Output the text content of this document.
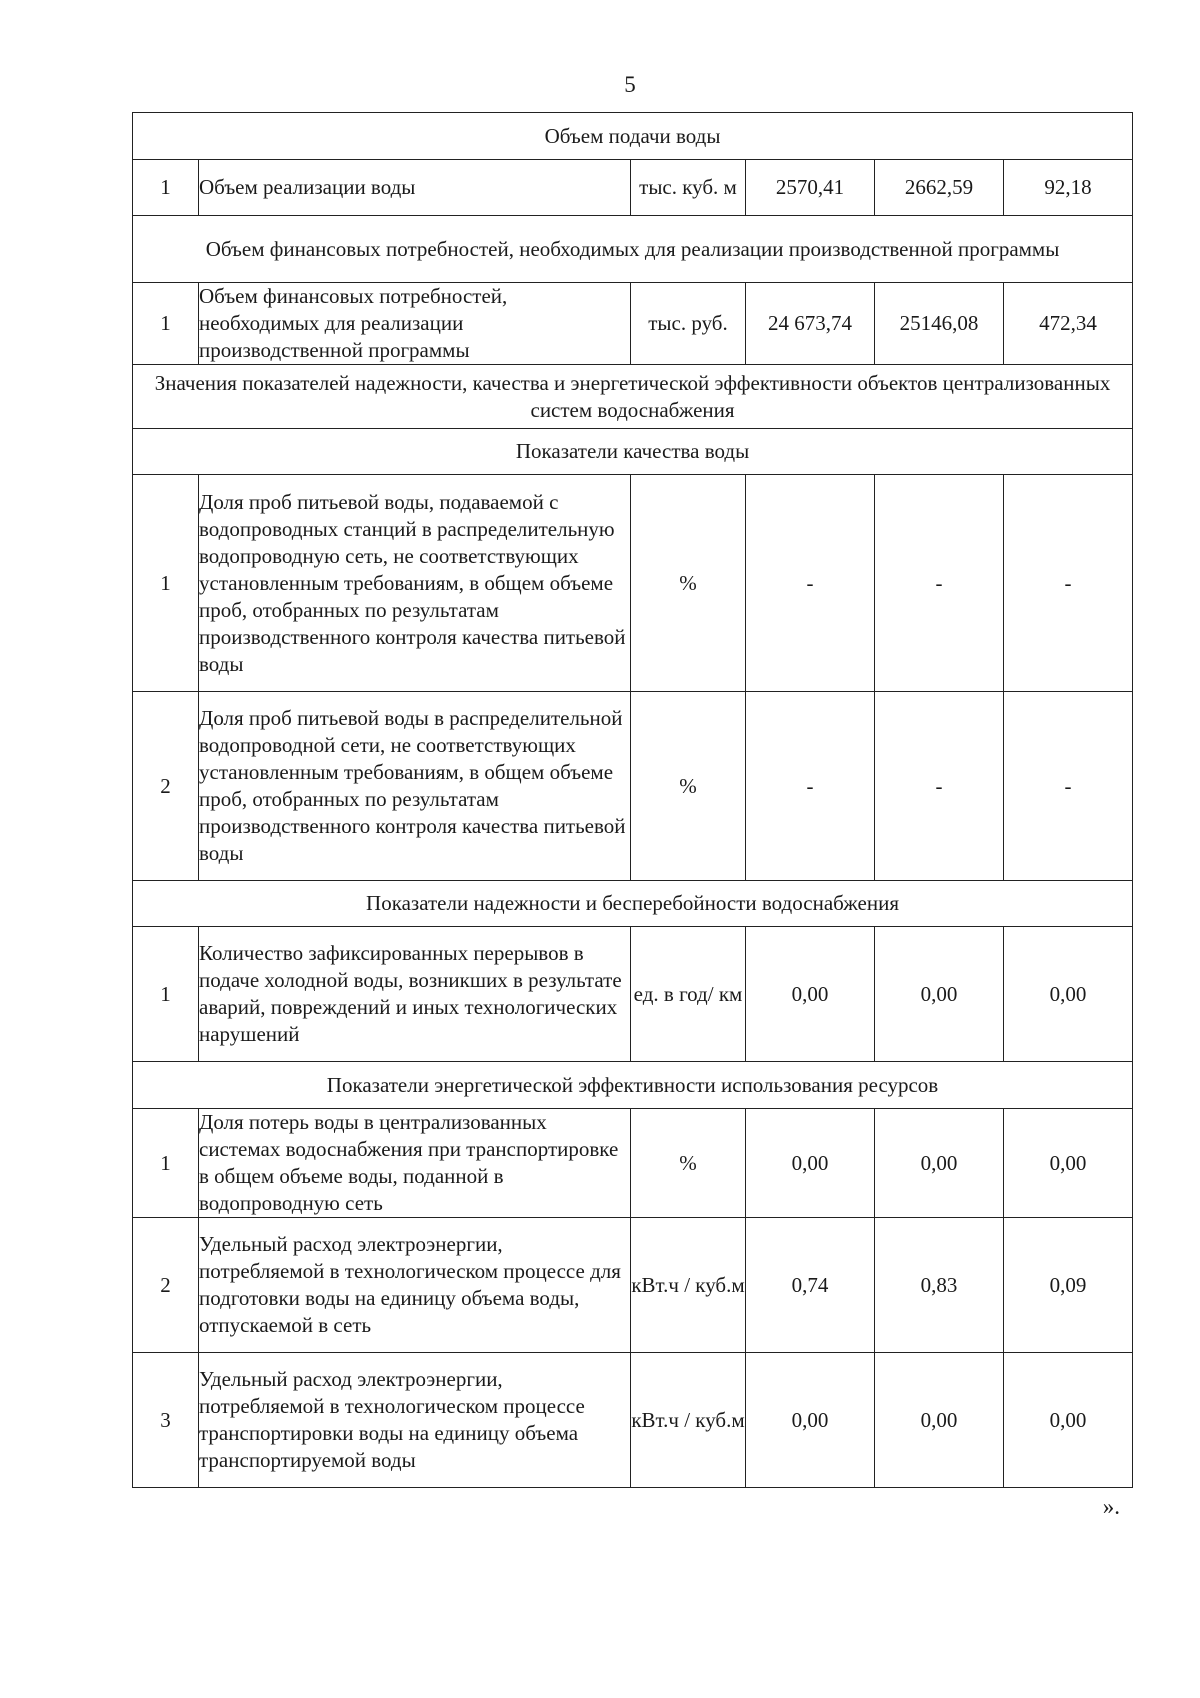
5
Объем подачи воды					
1	Объем реализации воды	тыс. куб. м	2570,41	2662,59	92,18
Объем финансовых потребностей, необходимых для реализации производственной программы					
1	Объем финансовых потребностей, необходимых для реализации производственной программы	тыс. руб.	24 673,74	25146,08	472,34
Значения показателей надежности, качества и энергетической эффективности объектов централизованных систем водоснабжения					
Показатели качества воды					
1	Доля проб питьевой воды, подаваемой с водопроводных станций в распределительную водопроводную сеть, не соответствующих установленным требованиям, в общем объеме проб, отобранных по результатам производственного контроля качества питьевой воды	%	-	-	-
2	Доля проб питьевой воды в распределительной водопроводной сети, не соответствующих установленным требованиям, в общем объеме проб, отобранных по результатам производственного контроля качества питьевой воды	%	-	-	-
Показатели надежности и бесперебойности водоснабжения					
1	Количество зафиксированных перерывов в подаче холодной воды, возникших в результате аварий, повреждений и иных технологических нарушений	ед. в год/ км	0,00	0,00	0,00
Показатели энергетической эффективности использования ресурсов					
1	Доля потерь воды в централизованных системах водоснабжения при транспортировке в общем объеме воды, поданной в водопроводную сеть	%	0,00	0,00	0,00
2	Удельный расход электроэнергии, потребляемой в технологическом процессе для подготовки воды на единицу объема воды, отпускаемой в сеть	кВт.ч / куб.м	0,74	0,83	0,09
3	Удельный расход электроэнергии, потребляемой в технологическом процессе транспортировки воды на единицу объема транспортируемой воды	кВт.ч / куб.м	0,00	0,00	0,00
».
